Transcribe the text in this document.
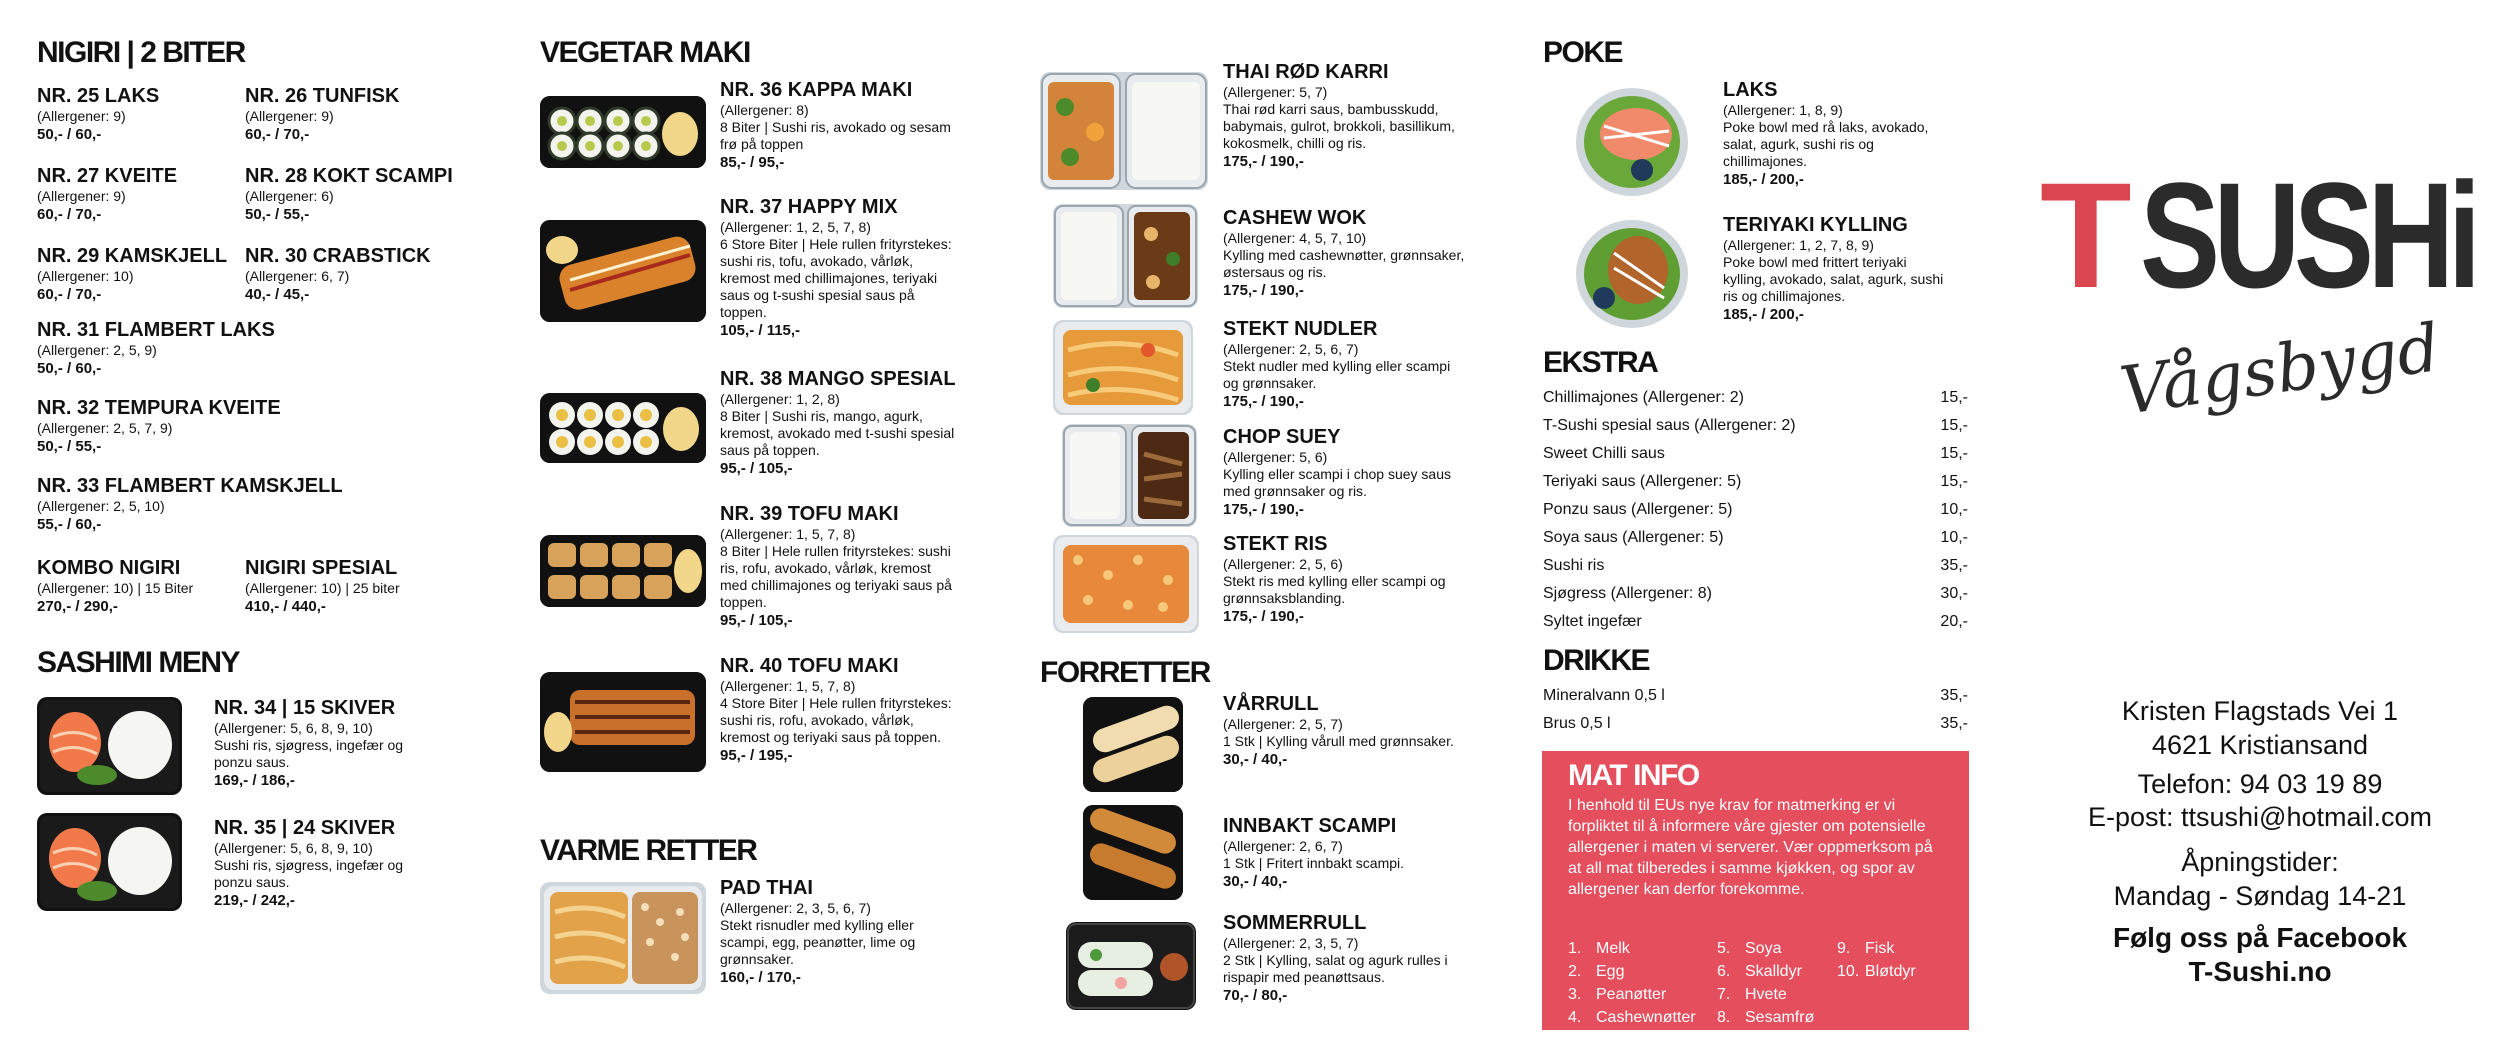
NIGIRI | 2 BITER
NR. 25 LAKS
(Allergener: 9)
50,- / 60,-
NR. 26 TUNFISK
(Allergener: 9)
60,- / 70,-
NR. 27 KVEITE
(Allergener: 9)
60,- / 70,-
NR. 28 KOKT SCAMPI
(Allergener: 6)
50,- / 55,-
NR. 29 KAMSKJELL
(Allergener: 10)
60,- / 70,-
NR. 30 CRABSTICK
(Allergener: 6, 7)
40,- / 45,-
NR. 31 FLAMBERT LAKS
(Allergener: 2, 5, 9)
50,- / 60,-
NR. 32 TEMPURA KVEITE
(Allergener: 2, 5, 7, 9)
50,- / 55,-
NR. 33 FLAMBERT KAMSKJELL
(Allergener: 2, 5, 10)
55,- / 60,-
KOMBO NIGIRI
(Allergener: 10) | 15 Biter
270,- / 290,-
NIGIRI SPESIAL
(Allergener: 10) | 25 biter
410,- / 440,-
SASHIMI MENY
NR. 34 | 15 SKIVER
(Allergener: 5, 6, 8, 9, 10)
Sushi ris, sjøgress, ingefær og ponzu saus.
169,- / 186,-
NR. 35 | 24 SKIVER
(Allergener: 5, 6, 8, 9, 10)
Sushi ris, sjøgress, ingefær og ponzu saus.
219,- / 242,-
VEGETAR MAKI
NR. 36 KAPPA MAKI
(Allergener: 8)
8 Biter | Sushi ris, avokado og sesam frø på toppen
85,- / 95,-
NR. 37 HAPPY MIX
(Allergener: 1, 2, 5, 7, 8)
6 Store Biter | Hele rullen frityrstekes: sushi ris, tofu, avokado, vårløk, kremost med chillimajones, teriyaki saus og t-sushi spesial saus på toppen.
105,- / 115,-
NR. 38 MANGO SPESIAL
(Allergener: 1, 2, 8)
8 Biter | Sushi ris, mango, agurk, kremost, avokado med t-sushi spesial saus på toppen.
95,- / 105,-
NR. 39 TOFU MAKI
(Allergener: 1, 5, 7, 8)
8 Biter | Hele rullen frityrstekes: sushi ris, rofu, avokado, vårløk, kremost med chillimajones og teriyaki saus på toppen.
95,- / 105,-
NR. 40 TOFU MAKI
(Allergener: 1, 5, 7, 8)
4 Store Biter | Hele rullen frityrstekes: sushi ris, rofu, avokado, vårløk, kremost og teriyaki saus på toppen.
95,- / 195,-
VARME RETTER
PAD THAI
(Allergener: 2, 3, 5, 6, 7)
Stekt risnudler med kylling eller scampi, egg, peanøtter, lime og grønnsaker.
160,- / 170,-
THAI RØD KARRI
(Allergener: 5, 7)
Thai rød karri saus, bambusskudd, babymais, gulrot, brokkoli, basillikum, kokosmelk, chilli og ris.
175,- / 190,-
CASHEW WOK
(Allergener: 4, 5, 7, 10)
Kylling med cashewnøtter, grønnsaker, østersaus og ris.
175,- / 190,-
STEKT NUDLER
(Allergener: 2, 5, 6, 7)
Stekt nudler med kylling eller scampi og grønnsaker.
175,- / 190,-
CHOP SUEY
(Allergener: 5, 6)
Kylling eller scampi i chop suey saus med grønnsaker og ris.
175,- / 190,-
STEKT RIS
(Allergener: 2, 5, 6)
Stekt ris med kylling eller scampi og grønnsaksblanding.
175,- / 190,-
FORRETTER
VÅRRULL
(Allergener: 2, 5, 7)
1 Stk | Kylling vårull med grønnsaker.
30,- / 40,-
INNBAKT SCAMPI
(Allergener: 2, 6, 7)
1 Stk | Fritert innbakt scampi.
30,- / 40,-
SOMMERRULL
(Allergener: 2, 3, 5, 7)
2 Stk | Kylling, salat og agurk rulles i rispapir med peanøttsaus.
70,- / 80,-
POKE
LAKS
(Allergener: 1, 8, 9)
Poke bowl med rå laks, avokado, salat, agurk, sushi ris og chillimajones.
185,- / 200,-
TERIYAKI KYLLING
(Allergener: 1, 2, 7, 8, 9)
Poke bowl med frittert teriyaki kylling, avokado, salat, agurk, sushi ris og chillimajones.
185,- / 200,-
EKSTRA
Chillimajones (Allergener: 2)	15,-
T-Sushi spesial saus (Allergener: 2)	15,-
Sweet Chilli saus	15,-
Teriyaki saus (Allergener: 5)	15,-
Ponzu saus (Allergener: 5)	10,-
Soya saus (Allergener: 5)	10,-
Sushi ris	35,-
Sjøgress (Allergener: 8)	30,-
Syltet ingefær	20,-
DRIKKE
Mineralvann 0,5 l	35,-
Brus 0,5 l	35,-
MAT INFO
I henhold til EUs nye krav for matmerking er vi forpliktet til å informere våre gjester om potensielle allergener i maten vi serverer. Vær oppmerksom på at all mat tilberedes i samme kjøkken, og spor av allergener kan derfor forekomme.
1. Melk
2. Egg
3. Peanøtter
4. Cashewnøtter
5. Soya
6. Skalldyr
7. Hvete
8. Sesamfrø
9. Fisk
10. Bløtdyr
T SUSHi
Vågsbygd
Kristen Flagstads Vei 1
4621 Kristiansand
Telefon: 94 03 19 89
E-post: ttsushi@hotmail.com
Åpningstider:
Mandag - Søndag 14-21
Følg oss på Facebook
T-Sushi.no
